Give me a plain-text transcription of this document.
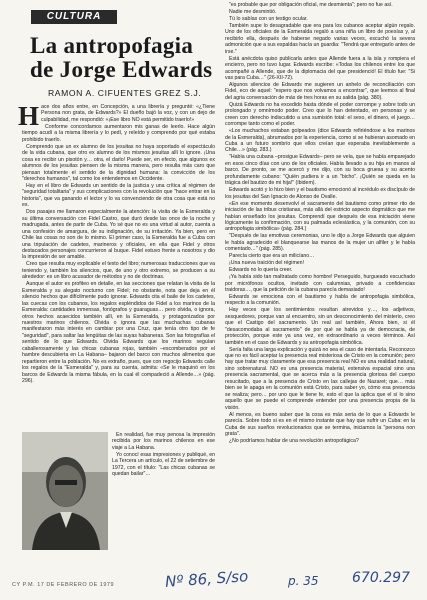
CULTURA
La antropofagia de Jorge Edwards
RAMON A. CIFUENTES GREZ S.J.
H ace dos años entre, en Concepción, a una librería y pregunté: «¿Tiene Persona non grata, de Edwards?» El dueño bajó la voz, y con un dejo de culpabilidad, me respondió: «¡Ese libro NO está permitido traerlo!»

Conforme concordamos aumentaron mis ganas de leerlo. Hace algún tiempo acudí a la misma librería y lo pedí, y releído y comprendo por qué estaba prohibido traerlo.

Comprendo que un ex alumno de los jesuitas no haya soportado el espectáculo de la vida cubana, que otro ex alumno de los mismos jesuitas allí lo ignore. ¡Una cosa es recibir un pisotón y… otra, el darlo! Puede ser, en efecto, que algunos ex alumnos de los jesuitas piensen de la misma manera, pero resulta más caro que piensan totalmente el sentido de la dignidad humana: la convicción de los "derechos humanos", tal como los entendemos en Occidente.

Hay en el libro de Edwards un sentido de la justicia y una crítica al régimen de "seguridad totalitaria" y sus complicaciones con la revolución que "hace entrar en la historia", que va ganando el lector y lo va convenciendo de otra cosa que está no es.

Dos pasajes me llamaron especialmente la atención: la visita de la Esmeralda y su última conversación con Fidel Castro, que duró desde las once de la noche y madrugada, antes de partir de Cuba. Yo sé que no es una virtud al autor, cuenta a una confesión de amargura, de su indignación, de su irritación. Ya bien, pero en Chile las cosas no son de lo mismo. El primer caso, la Esmeralda fue a Cuba con una tripulación de cadetes, marineros y oficiales, en ella que Fidel y otros destacados personajes concurrieron al buque. Fidel estuvo frente a nosotros y dio la impresión de ser amable.

Creo que resulta muy explicable el texto del libro; numerosas traducciones que va teniendo y, también los silencios, que, de uno y otro extremo, se producen a su alrededor: es un libro acusador de métodos y no de doctrinas.

Aunque el autor es profiteo en detalle, en las secciones que relatan la visita de la Esmeralda y su alegato nocturno con Fidel; no obstante, nota que deja en él silencio hechos que difícilmente pudo ignorar. Edwards cita el baile de los cadetes, las cuecas con los cubanos, los regalos espléndidos de Fidel a los marinos de la Esmeralda: cantidades inmensas, fonógrafos y guaraguas… pero olvida, o ignora, otros hechos acaecidos también allí, en la Esmeralda, y protagonizados por nuestros marinos chilenos. Olvida o ignora que las muchachas cubanas manifestaron más interés en cambiar por una Cruz, que tenía otro tipo de fe "seguridad", para saltar las lengüitas de las suyas habaneras. Son las fotografías el sentido de lo que Edwards. Olvida Edwards que los marinos seguían caballerosamente y las chicas cubanas rojas, también –escomberados por el hambre descubierta en La Habana– bajaron del barco con muchos alimentos que repartieron entre la población. No es extraño, pues, que con regocijo Edwards calle los regalos de la "Esmeralda" y, para su cuenta, admita: «Se le maquinó en los barcos de Edwards la misma fábula, en la cual él compadeció a Allende…» (pág. 296).

En realidad, fue muy penosa la impresión recibida por los marinos chilenos en ese viaje a La Habana.

Yo conocí esas impresiones y publiqué, en La Tercera un artículo, el 22 de setiembre de 1972, con el título: "Las chicas cubanas se quedan bailar"…

"es probable que por obligación oficial, me desmienta"; pero no fue así.

Nadie me desmintió.

Tú lo sabías con un testigo ocular.

También supe lo desagradable que era para los cubanos aceptar algún regalo. Uno de los oficiales de la Esmeralda regaló a una niña un libro de poesías y, al recibirlo ella, después de haberse negado varias veces, escuchó la severa admonición que a sus espaldas hacía un guardia: "Tendrá que entregarlo antes de irse."

Está anécdota quiso publicarla antes que Allende fuera a la isla y rompiera el encierro, pero no tuvo lugar. Edwards escribe: «Todas los chilenos entre los que acompañé a Allende, que de la diplomacia del que presidenció! El título fue: "Si vas para Cuba…" (26-XII-72).

Algunos silencios de Edwards me sugieren un anhelo de reconciliación con Fidel, eco de aquel: "espero que nos volvamos a encontrar", que leemos al final del agria conversación de más de tres horas en su salida (pág. 380).

Quizá Edwards no ha excedido hasta dónde el poder corrompe y sobre todo un prolongado y omnímodo poder. Creo que lo han detentado, en personas y se creen con derecho indiscutido a una sumisión total: el sexo, el dinero, el juego… corrompe tanto como el poder.

«Los muchachos estaban golpeados (dice Edwards refiriéndose a los marinos de la Esmeralda), abrumados por la experiencia, como si se hubieran asomado en Cuba a un futuro sombrío que ellos creían que esperaba inevitablemente a Chile…» (pág. 283.)

"Había una cubana –prosigue Edwards– pero se veía, que se había emparejado en esos cinco días con uno de los oficiales. Había llevado a su hija en manos al barco. De pronto, se me acercó y me dijo, con su boca gruesa y su acento profundamente cubano: "Quién pudiera ir a un "bicho". ¡Quién se queda en la trágica del bautizo de mi hija!" (íbidem).

Edwards acotó y lo hizo bien y el bautismo emocionó al incrédulo ex discípulo de los jesuitas del San Ignacio de Alonso de Ovalle.

«En ese momento desenvolví el sacramento del bautismo como primer rito de iniciación de las tribus cristianas, más allá del estricto aspecto dogmático que me habían enseñado los jesuitas. Comprendí que después de esa iniciación viene lógicamente la confirmación, con su palmada eclesiástica, y la comunión, con su antropofagia simbólica» (pág. 284.)

"Después de las emotivas ceremonias, uno le dijo a Jorge Edwards que alguien le había agradecido el blanquearse las manos de la mujer un alfiler y le había comentado…" (pág. 285).

Parecía cierto que era un milicíano…

¡Una nueva traición del régimen!

Edwards no lo quería creer.

¡Ya había sido tan maltratado como hombre! Perseguido, hurgueado escuchado por micrófonos ocultos, invitado con calumnias, privado a confidencias traidoras…, que la petición de la cubana parecía demasiado!

Edwards se emociona con el bautismo y habla de antropofagia simbólica, respecto a la comunión.

Hay veces que los sentimientos resultan atrevidos y…, los adjetivos, sesquedores, porque van al encuentro, sin un desconocimiento del misterio, creo que el Castigo del sacramento. Un real así también, Ahora bien, si él "desacomodaba al sacramento" de por qué se habla ya de democracia, de protección, porque este ya una vez, en extraordinario a veces términos. Así también en el caso de Edwards y su antropofagia simbólica.

Sería falta una larga explicación y quizá no sea el caso de intentarla. Reconozco que no es fácil aceptar la presencia real misteriosa de Cristo en la comunión; pero hay que tratar muy claramente que esa presencia real NO es una realidad natural, sino sobrenatural. NO es una presencia material, extensiva espacial sino una presencia sacramental, que se acerca más a la presencia gloriosa del cuerpo resucitado, que a la presencia de Cristo en las callejas de Nazaret; que… más bien se le apaga en la comunión está Cristo, para saber yo, cómo esa presencia se realiza; pero… por uno que le tiene fe, esto el que la aplica que el sí lo sino aquello que se puede el comprende entender por una presencia propia de la visión.

Al menos, es bueno saber que la cosa es más seria de lo que a Edwards le parecía. Sobre todo si es en el mismo instante que hay que sufrir un Cuba: en la Cuba de sus sueños revolucionarios que se termina, iniciamos la "persona non grata".

¿No podríamos hablar de una revolución antropofágica?

CY P.M. 17 DE FEBRERO DE 1979	Nº 86, S/so	p. 35 670.297
